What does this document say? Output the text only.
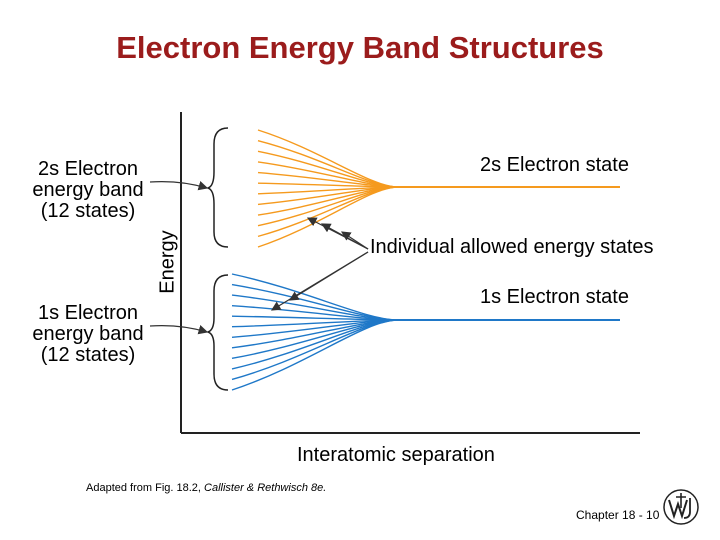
Electron Energy Band Structures
2s Electron
energy band
(12 states)
1s Electron
energy band
(12 states)
Energy
2s Electron state
Individual allowed energy states
1s Electron state
Interatomic separation
Adapted from Fig. 18.2, Callister & Rethwisch 8e.
Chapter 18 - 10
